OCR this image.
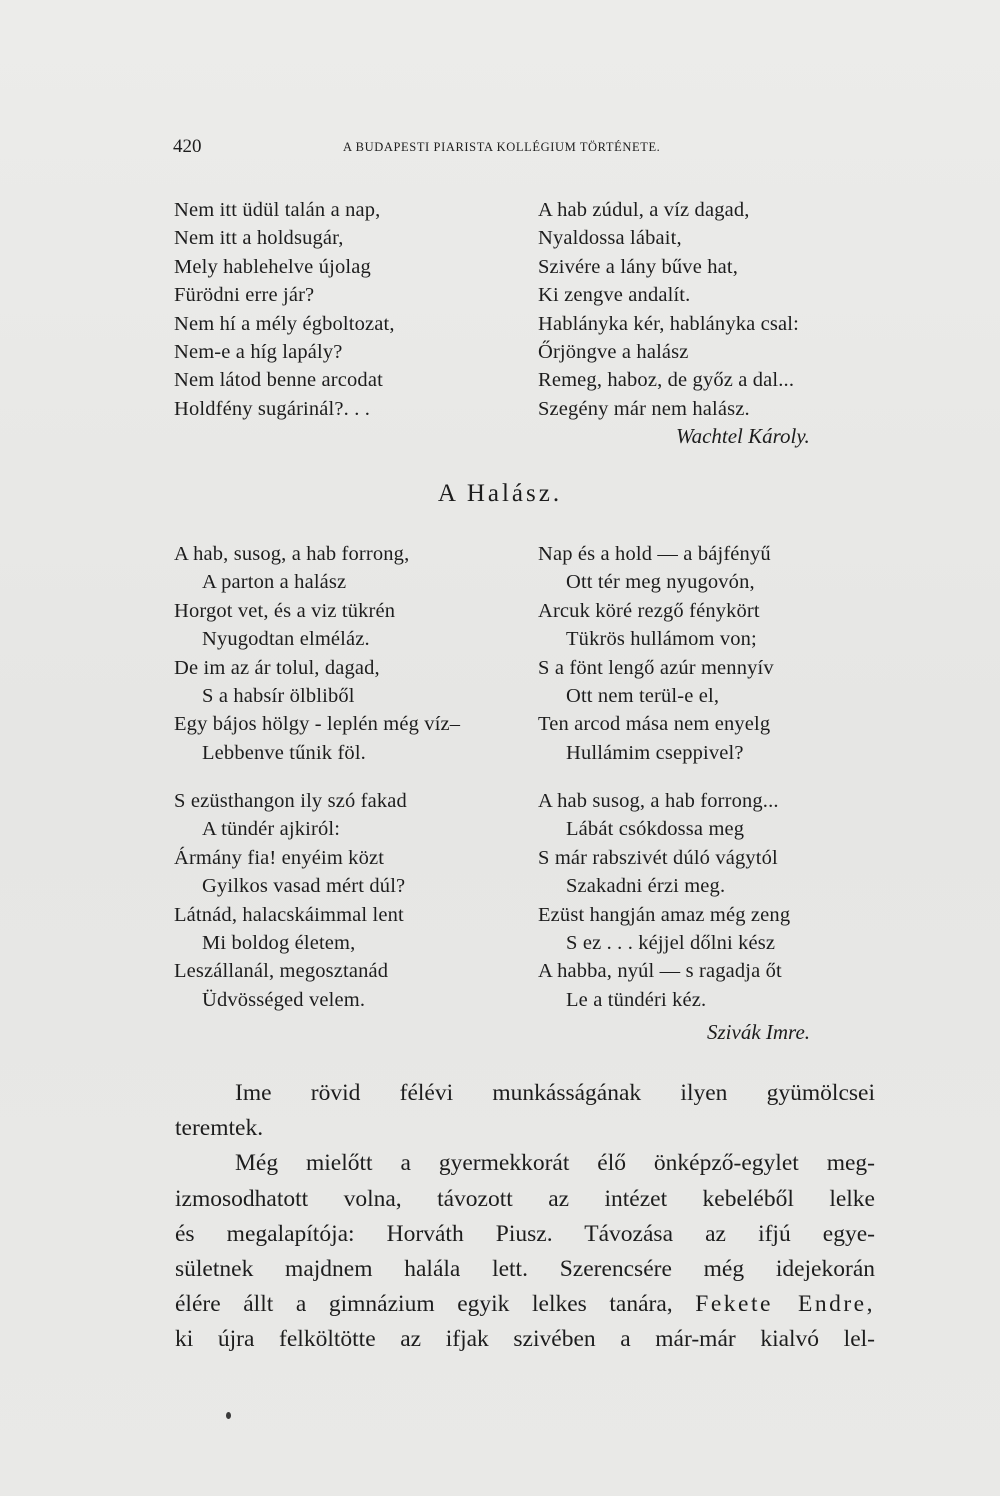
420	A BUDAPESTI PIARISTA KOLLÉGIUM TÖRTÉNETE.
Nem itt üdül talán a nap,
Nem itt a holdsugár,
Mely hablehelve újolag
Fürödni erre jár?
Nem hí a mély égboltozat,
Nem-e a híg lapály?
Nem látod benne arcodat
Holdfény sugárinál?. . .
A hab zúdul, a víz dagad,
Nyaldossa lábait,
Szivére a lány bűve hat,
Ki zengve andalít.
Hablányka kér, hablányka csal:
Őrjöngve a halász
Remeg, haboz, de győz a dal...
Szegény már nem halász.
Wachtel Károly.
A Halász.
A hab, susog, a hab forrong,
A parton a halász
Horgot vet, és a viz tükrén
Nyugodtan elméláz.
De im az ár tolul, dagad,
S a habsír ölbliből
Egy bájos hölgy - leplén még víz–
Lebbenve tűnik föl.
Nap és a hold — a bájfényű
Ott tér meg nyugovón,
Arcuk köré rezgő fénykört
Tükrös hullámom von;
S a fönt lengő azúr mennyív
Ott nem terül-e el,
Ten arcod mása nem enyelg
Hullámim cseppivel?
S ezüsthangon ily szó fakad
A tündér ajkiról:
Ármány fia! enyéim közt
Gyilkos vasad mért dúl?
Látnád, halacskáimmal lent
Mi boldog életem,
Leszállanál, megosztanád
Üdvösséged velem.
A hab susog, a hab forrong...
Lábát csókdossa meg
S már rabszivét dúló vágytól
Szakadni érzi meg.
Ezüst hangján amaz még zeng
S ez . . . kéjjel dőlni kész
A habba, nyúl — s ragadja őt
Le a tündéri kéz.
Szivák Imre.
Ime rövid félévi munkásságának ilyen gyümölcsei
teremtek.
Még mielőtt a gyermekkorát élő önképző-egylet meg-
izmosodhatott volna, távozott az intézet kebeléből lelke
és megalapítója: Horváth Piusz. Távozása az ifjú egye-
sületnek majdnem halála lett. Szerencsére még idejekorán
élére állt a gimnázium egyik lelkes tanára, Fekete Endre,
ki újra felköltötte az ifjak szivében a már-már kialvó lel-
